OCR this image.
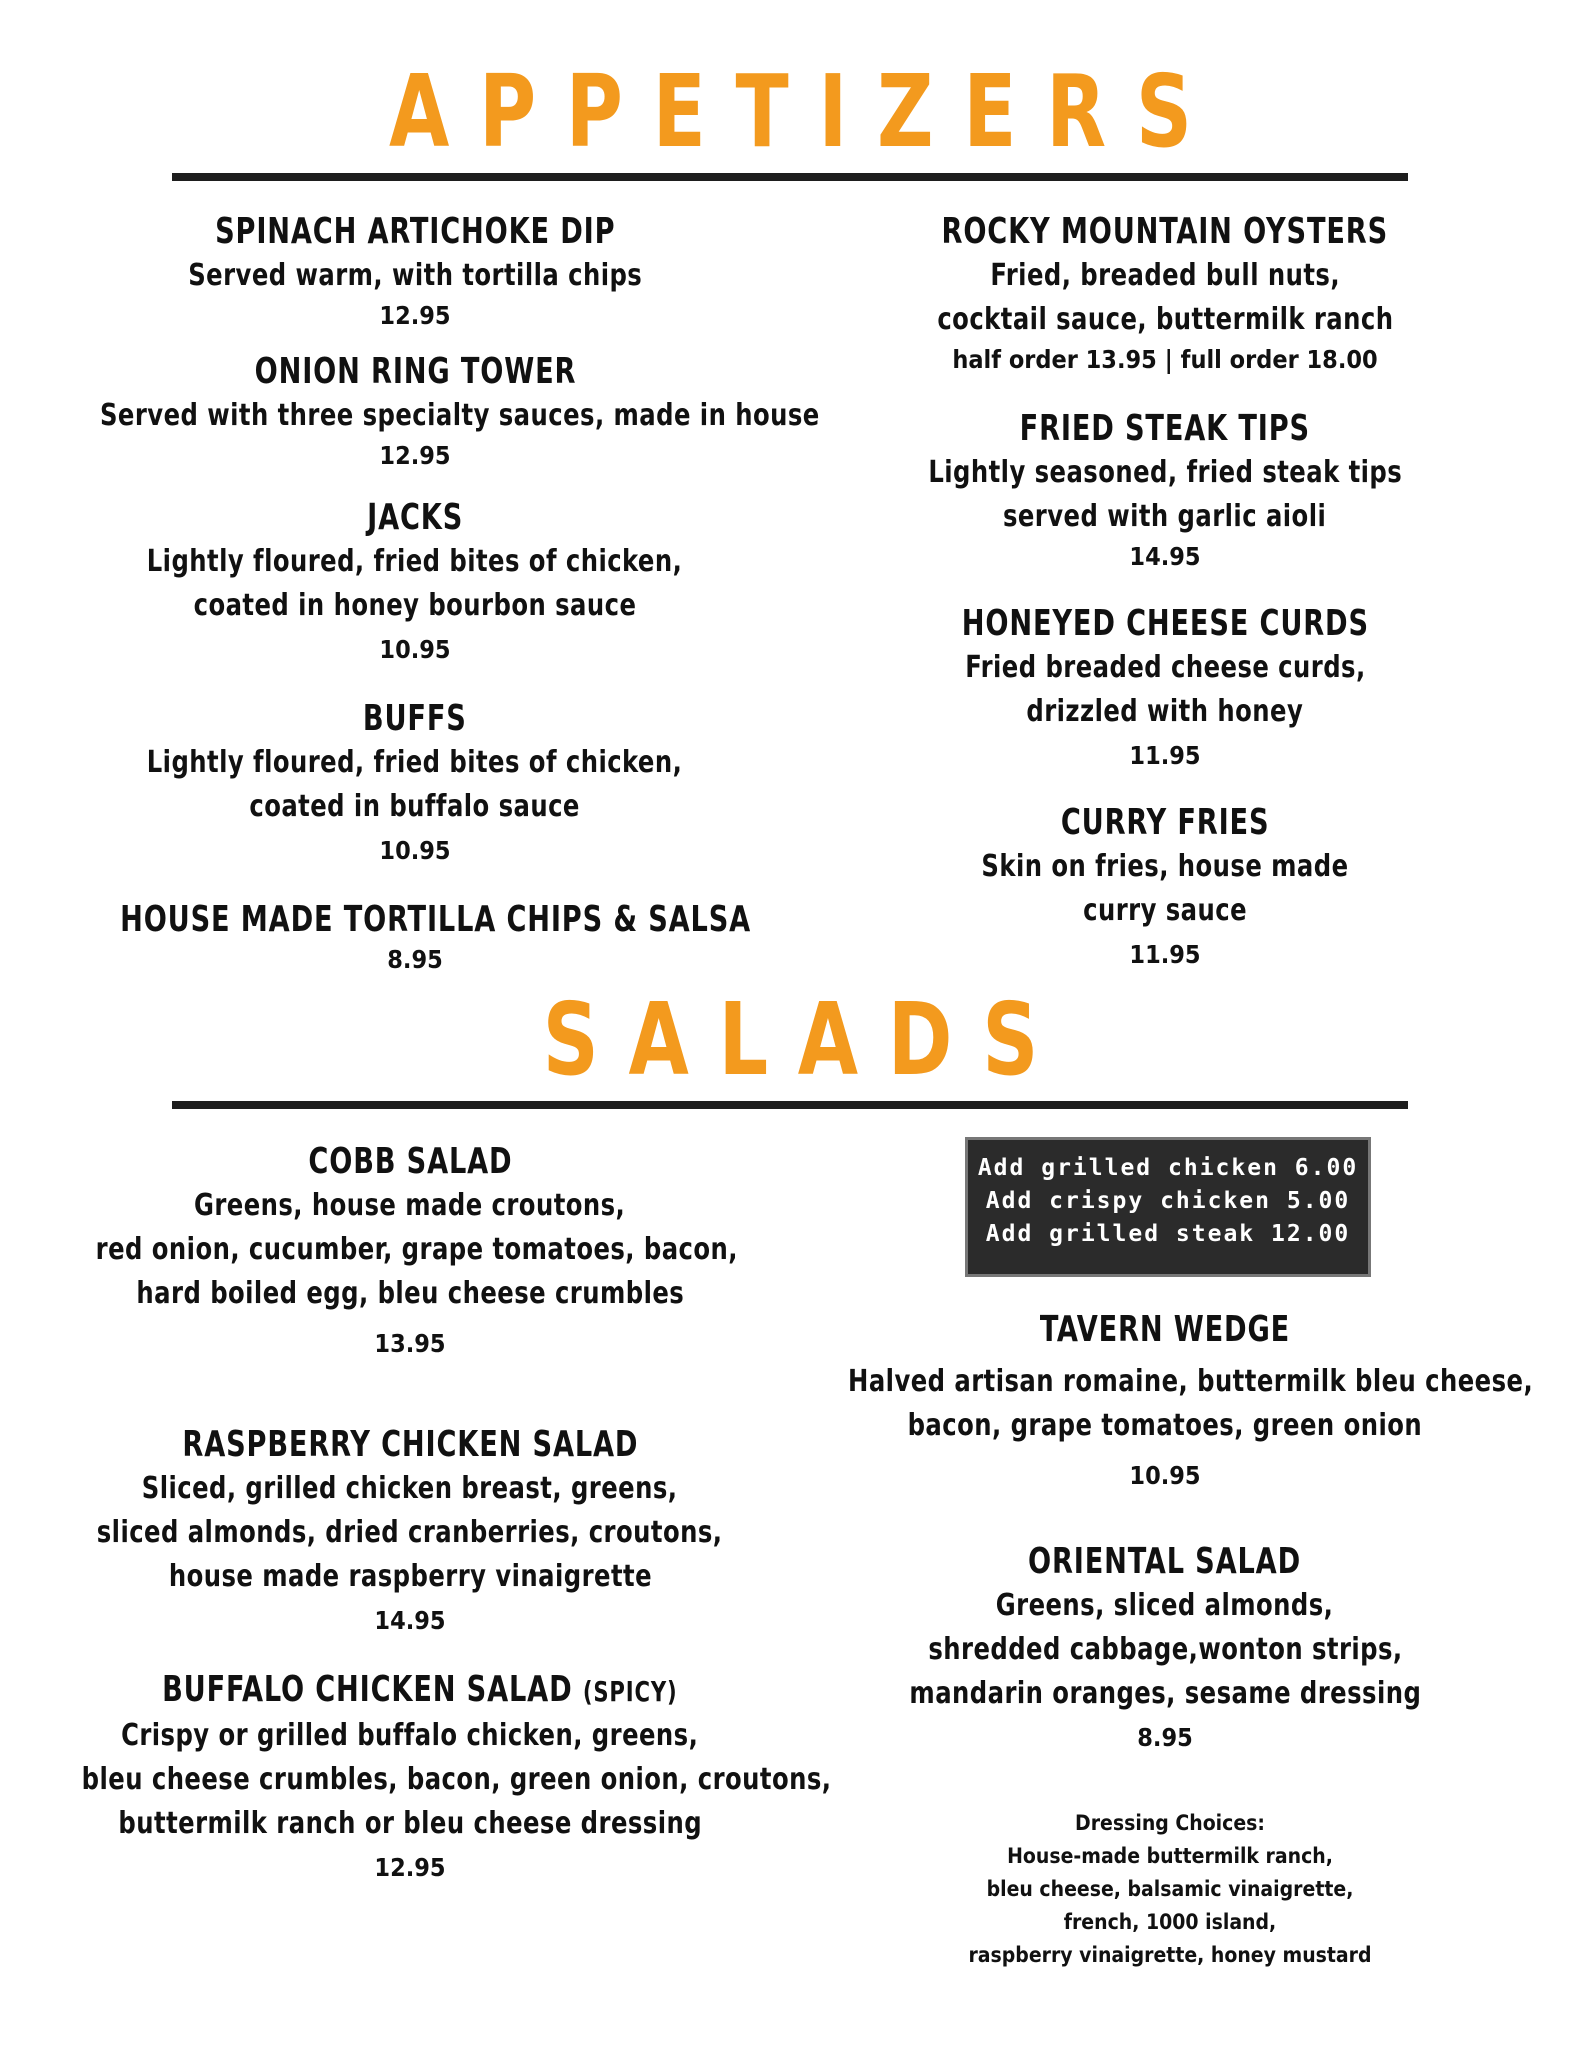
APPETIZERS
SPINACH ARTICHOKE DIP
Served warm, with tortilla chips
12.95
ONION RING TOWER
Served with three specialty sauces, made in house
12.95
JACKS
Lightly floured, fried bites of chicken,
coated in honey bourbon sauce
10.95
BUFFS
Lightly floured, fried bites of chicken,
coated in buffalo sauce
10.95
HOUSE MADE TORTILLA CHIPS & SALSA

8.95
ROCKY MOUNTAIN OYSTERS
Fried, breaded bull nuts,
cocktail sauce, buttermilk ranch
half order 13.95 | full order 18.00
FRIED STEAK TIPS
Lightly seasoned, fried steak tips
served with garlic aioli
14.95
HONEYED CHEESE CURDS
Fried breaded cheese curds,
drizzled with honey
11.95
CURRY FRIES
Skin on fries, house made
curry sauce
11.95
SALADS
COBB SALAD
Greens, house made croutons,
red onion, cucumber, grape tomatoes, bacon,
hard boiled egg, bleu cheese crumbles
13.95
RASPBERRY CHICKEN SALAD
Sliced, grilled chicken breast, greens,
sliced almonds, dried cranberries, croutons,
house made raspberry vinaigrette
14.95
BUFFALO CHICKEN SALAD (SPICY)
Crispy or grilled buffalo chicken, greens,
bleu cheese crumbles, bacon, green onion, croutons,
buttermilk ranch or bleu cheese dressing
12.95
Add grilled chicken 6.00
Add crispy chicken 5.00
Add grilled steak 12.00
TAVERN WEDGE
Halved artisan romaine, buttermilk bleu cheese,
bacon, grape tomatoes, green onion
10.95
ORIENTAL SALAD
Greens, sliced almonds,
shredded cabbage,wonton strips,
mandarin oranges, sesame dressing
8.95
Dressing Choices:
House-made buttermilk ranch,
bleu cheese, balsamic vinaigrette,
french, 1000 island,
raspberry vinaigrette, honey mustard
